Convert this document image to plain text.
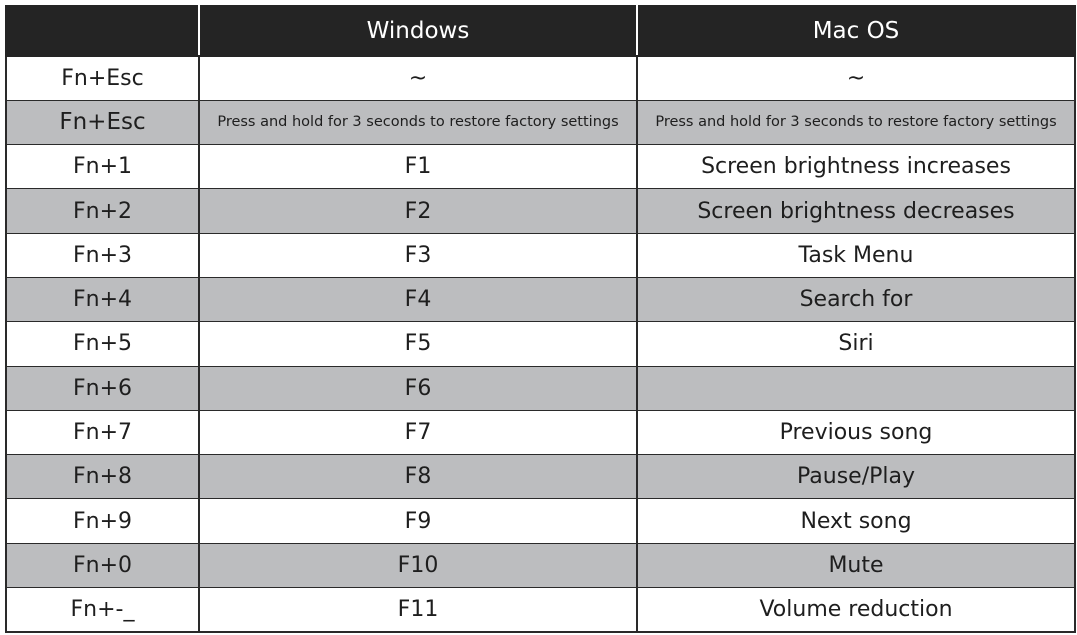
	Windows	Mac OS
Fn+Esc	~	~
Fn+Esc	Press and hold for 3 seconds to restore factory settings	Press and hold for 3 seconds to restore factory settings
Fn+1	F1	Screen brightness increases
Fn+2	F2	Screen brightness decreases
Fn+3	F3	Task Menu
Fn+4	F4	Search for
Fn+5	F5	Siri
Fn+6	F6	
Fn+7	F7	Previous song
Fn+8	F8	Pause/Play
Fn+9	F9	Next song
Fn+0	F10	Mute
Fn+-_	F11	Volume reduction
